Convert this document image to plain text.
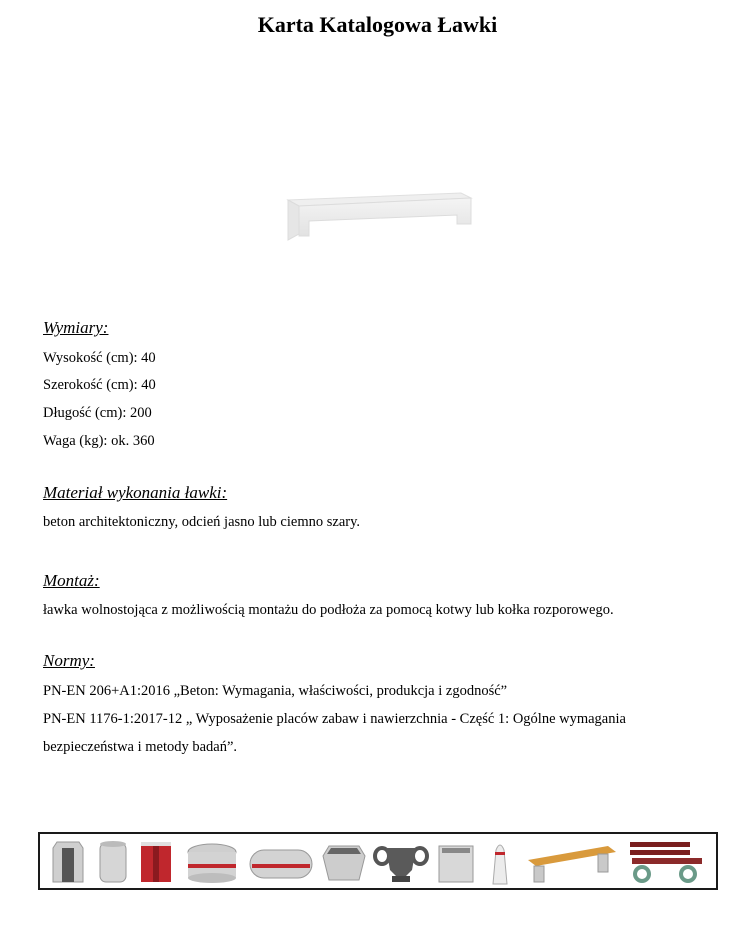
Karta Katalogowa Ławki
Wymiary:
Wysokość (cm): 40
Szerokość (cm): 40
Długość (cm): 200
Waga (kg): ok. 360
Materiał wykonania ławki:
beton architektoniczny, odcień jasno lub ciemno szary.
Montaż:
ławka wolnostojąca z możliwością montażu do podłoża za pomocą kotwy lub kołka rozporowego.
Normy:
PN-EN 206+A1:2016 „Beton: Wymagania, właściwości, produkcja i zgodność”
PN-EN 1176-1:2017-12 „ Wyposażenie placów zabaw i nawierzchnia - Część 1: Ogólne wymagania
bezpieczeństwa i metody badań”.
